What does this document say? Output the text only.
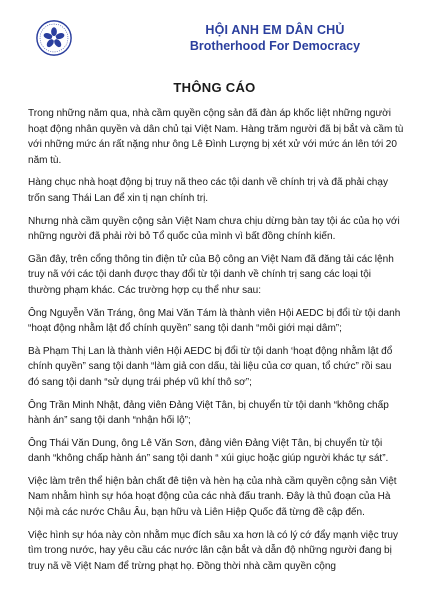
HỘI ANH EM DÂN CHỦ
Brotherhood For Democracy
THÔNG CÁO

Trong những năm qua, nhà cầm quyền cộng sản đã đàn áp khốc liệt những người hoạt động nhân quyền và dân chủ tại Việt Nam. Hàng trăm người đã bị bắt và cầm tù với những mức án rất nặng như ông Lê Đình Lượng bị xét xử với mức án lên tới 20 năm tù.

Hàng chục nhà hoạt động bị truy nã theo các tội danh về chính trị và đã phải chạy trốn sang Thái Lan để xin tị nạn chính trị.

Nhưng nhà cầm quyền cộng sản Việt Nam chưa chịu dừng bàn tay tội ác của họ với những người đã phải rời bỏ Tổ quốc của mình vì bất đồng chính kiến.

Gần đây, trên cổng thông tin điện tử của Bộ công an Việt Nam đã đăng tải các lệnh truy nã với các tội danh được thay đổi từ tội danh về chính trị sang các loại tội thường phạm khác. Các trường hợp cụ thể như sau:

Ông Nguyễn Văn Tráng, ông Mai Văn Tám là thành viên Hội AEDC bị đổi từ tội danh “hoạt động nhằm lật đổ chính quyền” sang tội danh “môi giới mại dâm”;

Bà Phạm Thị Lan là thành viên Hội AEDC bị đổi từ tội danh ‘hoạt động nhằm lật đổ chính quyền” sang tội danh “làm giả con dấu, tài liệu của cơ quan, tổ chức” rồi sau đó sang tội danh “sử dụng trái phép vũ khí thô sơ”;

Ông Trần Minh Nhật, đảng viên Đảng Việt Tân, bị chuyển từ tội danh “không chấp hành án” sang tội danh “nhận hối lộ”;

Ông Thái Văn Dung, ông Lê Văn Sơn, đảng viên Đảng Việt Tân, bị chuyển từ tội danh “không chấp hành án” sang tội danh “ xúi giục hoặc giúp người khác tự sát”.

Việc làm trên thể hiện bản chất đê tiện và hèn hạ của nhà cầm quyền cộng sản Việt Nam nhằm hình sự hóa hoạt động của các nhà đấu tranh. Đây là thủ đoạn của Hà Nội mà các nước Châu Âu, bạn hữu và Liên Hiệp Quốc đã từng đề cập đến.

Việc hình sự hóa này còn nhằm mục đích sâu xa hơn là có lý cớ đẩy mạnh việc truy tìm trong nước, hay yêu cầu các nước lân cận bắt và dẫn độ những người đang bị truy nã về Việt Nam để trừng phạt họ. Đồng thời nhà cầm quyền cộng
